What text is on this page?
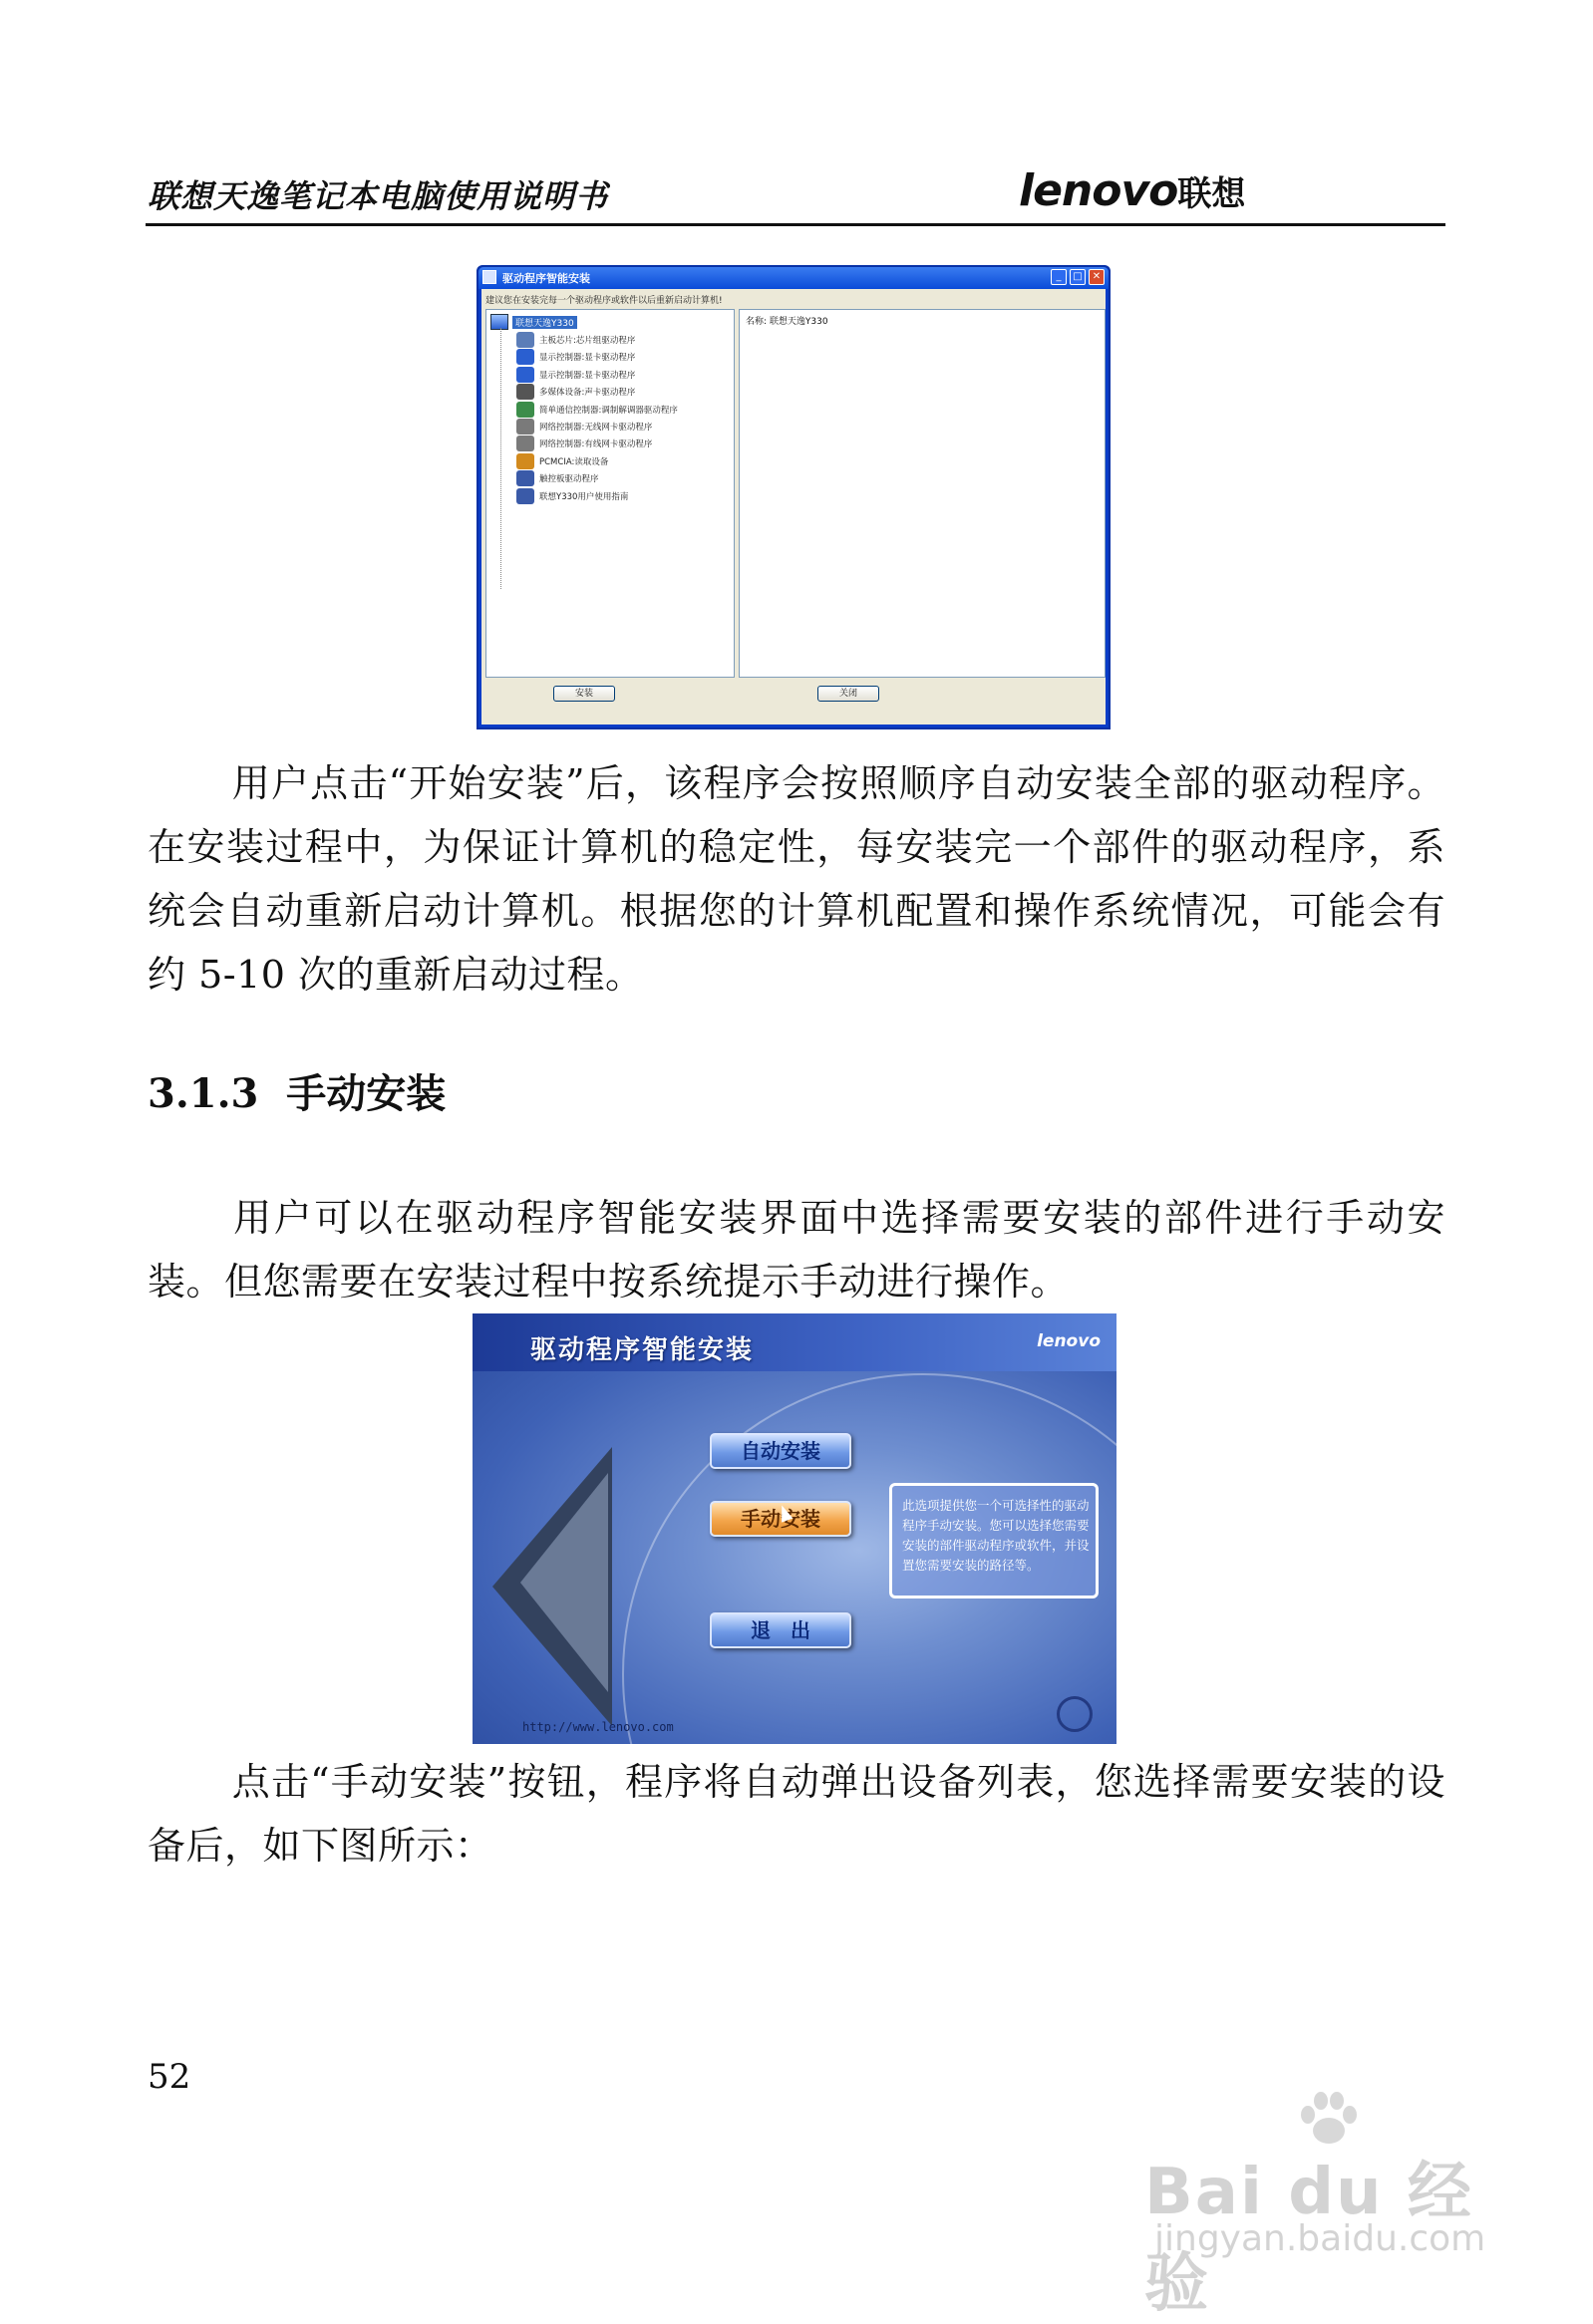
联想天逸笔记本电脑使用说明书	lenovo联想
驱动程序智能安装	_	□	✕
建议您在安装完每一个驱动程序或软件以后重新启动计算机!
联想天逸Y330
主板芯片:芯片组驱动程序
显示控制器:显卡驱动程序
显示控制器:显卡驱动程序
多媒体设备:声卡驱动程序
简单通信控制器:调制解调器驱动程序
网络控制器:无线网卡驱动程序
网络控制器:有线网卡驱动程序
PCMCIA:读取设备
触控板驱动程序
联想Y330用户使用指南
名称: 联想天逸Y330
安装	关闭
用户点击“开始安装”后，该程序会按照顺序自动安装全部的驱动程序。在安装过程中，为保证计算机的稳定性，每安装完一个部件的驱动程序，系统会自动重新启动计算机。根据您的计算机配置和操作系统情况，可能会有约 5-10 次的重新启动过程。
3.1.3 手动安装
用户可以在驱动程序智能安装界面中选择需要安装的部件进行手动安装。但您需要在安装过程中按系统提示手动进行操作。
驱动程序智能安装	lenovo
自动安装
手动安装
退　出
此选项提供您一个可选择性的驱动程序手动安装。您可以选择您需要安装的部件驱动程序或软件，并设置您需要安装的路径等。
http://www.lenovo.com
点击“手动安装”按钮，程序将自动弹出设备列表，您选择需要安装的设备后，如下图所示：
52
Bai du 经验
jingyan.baidu.com
